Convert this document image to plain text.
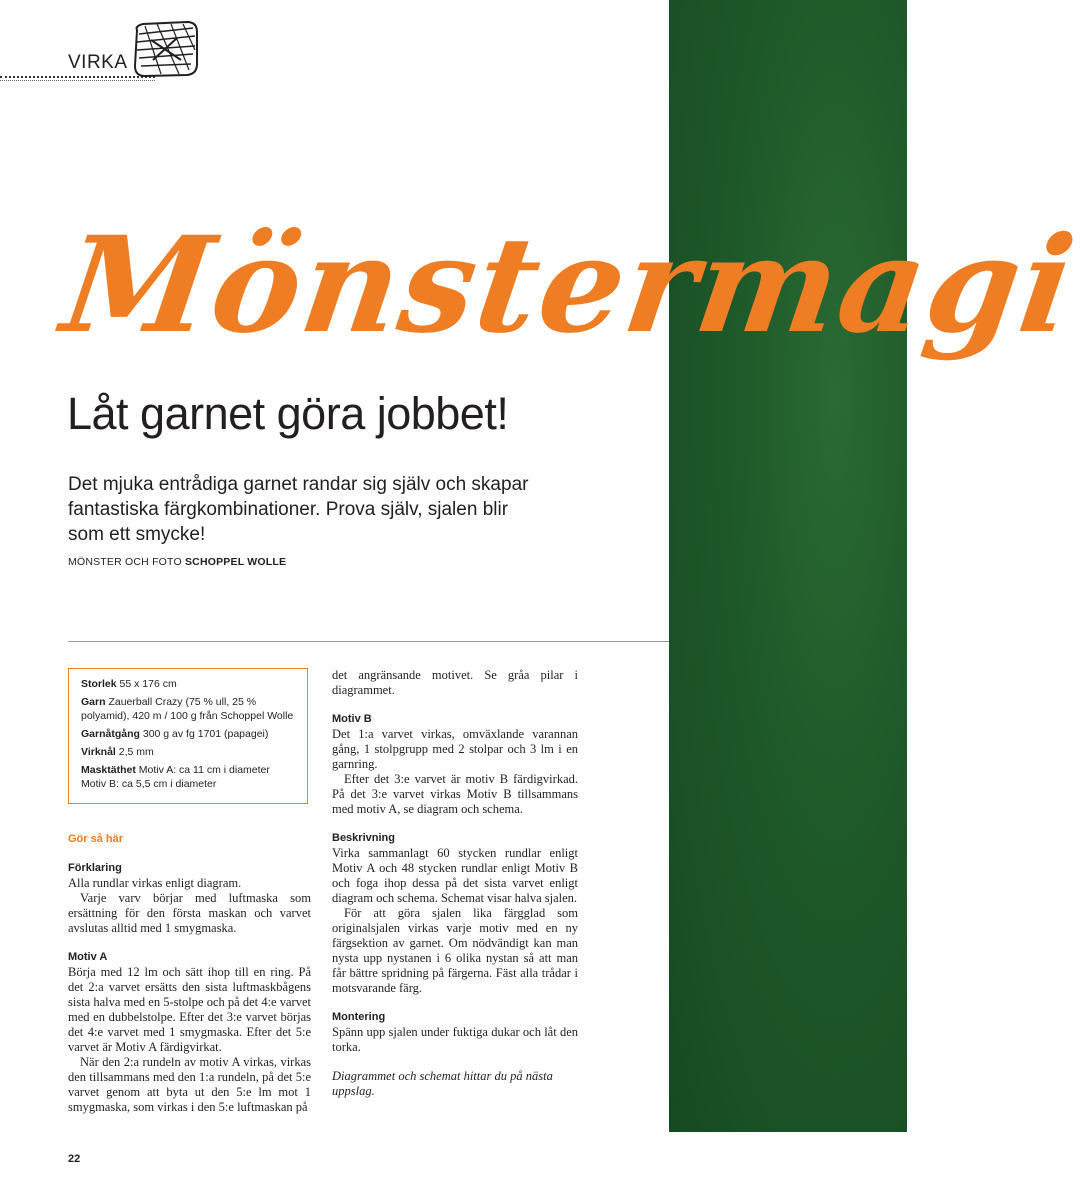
VIRKA
Mönstermagi
Låt garnet göra jobbet!
Det mjuka entrådiga garnet randar sig själv och skapar fantastiska färgkombinationer. Prova själv, sjalen blir som ett smycke!
MÖNSTER OCH FOTO SCHOPPEL WOLLE

Storlek 55 x 176 cm

Garn Zauerball Crazy (75 % ull, 25 % polyamid), 420 m / 100 g från Schoppel Wolle

Garnåtgång 300 g av fg 1701 (papagei)

Virknål 2,5 mm

Masktäthet Motiv A: ca 11 cm i diameter Motiv B: ca 5,5 cm i diameter

Gör så här
Förklaring

Alla rundlar virkas enligt diagram.

Varje varv börjar med luftmaska som ersättning för den första maskan och varvet avslutas alltid med 1 smygmaska.

Motiv A

Börja med 12 lm och sätt ihop till en ring. På det 2:a varvet ersätts den sista luftmaskbågens sista halva med en 5-stolpe och på det 4:e varvet med en dubbelstolpe. Efter det 3:e varvet börjas det 4:e varvet med 1 smygmaska. Efter det 5:e varvet är Motiv A färdigvirkat.

När den 2:a rundeln av motiv A virkas, virkas den tillsammans med den 1:a rundeln, på det 5:e varvet genom att byta ut den 5:e lm mot 1 smygmaska, som virkas i den 5:e luftmaskan på

det angränsande motivet. Se gråa pilar i diagrammet.

Motiv B

Det 1:a varvet virkas, omväxlande varannan gång, 1 stolpgrupp med 2 stolpar och 3 lm i en garnring.

Efter det 3:e varvet är motiv B färdigvirkad. På det 3:e varvet virkas Motiv B tillsammans med motiv A, se diagram och schema.

Beskrivning

Virka sammanlagt 60 stycken rundlar enligt Motiv A och 48 stycken rundlar enligt Motiv B och foga ihop dessa på det sista varvet enligt diagram och schema. Schemat visar halva sjalen.

För att göra sjalen lika färgglad som originalsjalen virkas varje motiv med en ny färgsektion av garnet. Om nödvändigt kan man nysta upp nystanen i 6 olika nystan så att man får bättre spridning på färgerna. Fäst alla trådar i motsvarande färg.

Montering

Spänn upp sjalen under fuktiga dukar och låt den torka.

Diagrammet och schemat hittar du på nästa uppslag.

22
